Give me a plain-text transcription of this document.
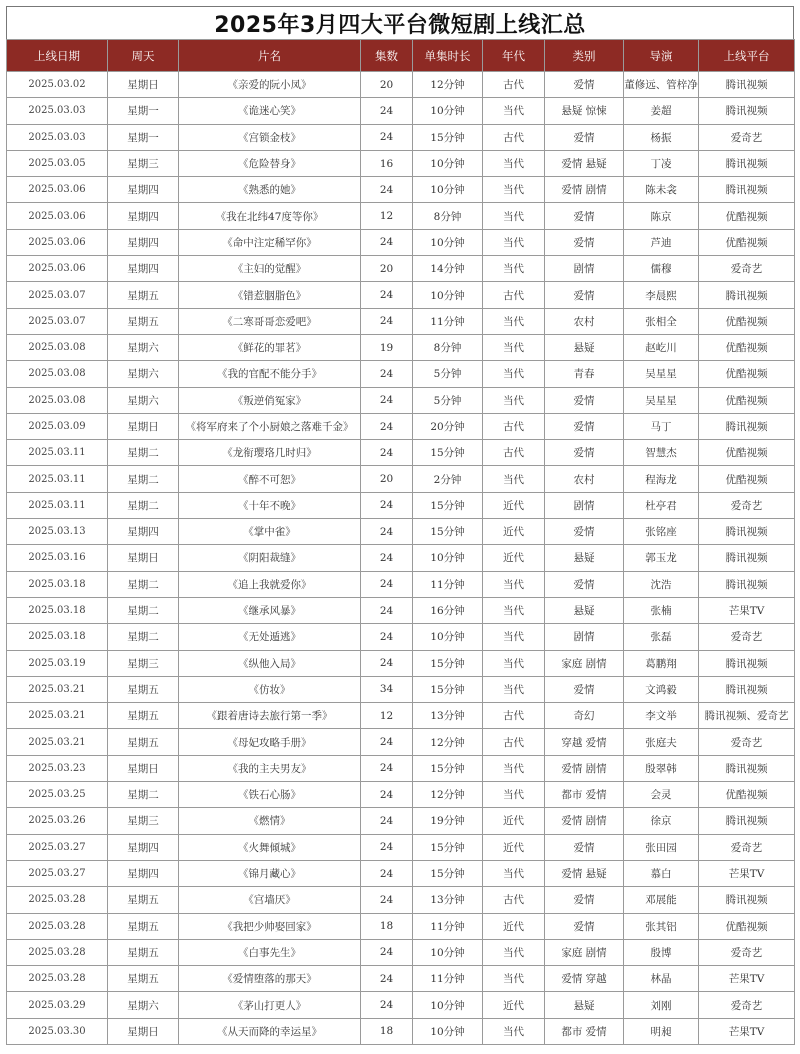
2025年3月四大平台微短剧上线汇总
上线日期	周天	片名	集数	单集时长	年代	类别	导演	上线平台
2025.03.02	星期日	《亲爱的阮小凤》	20	12分钟	古代	爱情	董修远、管梓净	腾讯视频
2025.03.03	星期一	《诡迷心笑》	24	10分钟	当代	悬疑 惊悚	姜超	腾讯视频
2025.03.03	星期一	《宫锁金枝》	24	15分钟	古代	爱情	杨振	爱奇艺
2025.03.05	星期三	《危险替身》	16	10分钟	当代	爱情 悬疑	丁凌	腾讯视频
2025.03.06	星期四	《熟悉的她》	24	10分钟	当代	爱情 剧情	陈未衾	腾讯视频
2025.03.06	星期四	《我在北纬47度等你》	12	8分钟	当代	爱情	陈京	优酷视频
2025.03.06	星期四	《命中注定稀罕你》	24	10分钟	当代	爱情	芦迪	优酷视频
2025.03.06	星期四	《主妇的觉醒》	20	14分钟	当代	剧情	儒穆	爱奇艺
2025.03.07	星期五	《错惹胭脂色》	24	10分钟	古代	爱情	李晨熙	腾讯视频
2025.03.07	星期五	《二寒哥哥恋爱吧》	24	11分钟	当代	农村	张相全	优酷视频
2025.03.08	星期六	《鲜花的罪茗》	19	8分钟	当代	悬疑	赵屹川	优酷视频
2025.03.08	星期六	《我的官配不能分手》	24	5分钟	当代	青春	吴星星	优酷视频
2025.03.08	星期六	《叛逆俏冤家》	24	5分钟	当代	爱情	吴星星	优酷视频
2025.03.09	星期日	《将军府来了个小厨娘之落难千金》	24	20分钟	古代	爱情	马丁	腾讯视频
2025.03.11	星期二	《龙衔璎珞几时归》	24	15分钟	古代	爱情	智慧杰	优酷视频
2025.03.11	星期二	《醉不可恕》	20	2分钟	当代	农村	程海龙	优酷视频
2025.03.11	星期二	《十年不晚》	24	15分钟	近代	剧情	杜亭君	爱奇艺
2025.03.13	星期四	《掌中雀》	24	15分钟	近代	爱情	张铭座	腾讯视频
2025.03.16	星期日	《阴阳裁缝》	24	10分钟	近代	悬疑	郭玉龙	腾讯视频
2025.03.18	星期二	《追上我就爱你》	24	11分钟	当代	爱情	沈浩	腾讯视频
2025.03.18	星期二	《继承风暴》	24	16分钟	当代	悬疑	张楠	芒果TV
2025.03.18	星期二	《无处遁逃》	24	10分钟	当代	剧情	张磊	爱奇艺
2025.03.19	星期三	《纵他入局》	24	15分钟	当代	家庭 剧情	葛鹏翔	腾讯视频
2025.03.21	星期五	《仿妆》	34	15分钟	当代	爱情	文鸿毅	腾讯视频
2025.03.21	星期五	《跟着唐诗去旅行第一季》	12	13分钟	古代	奇幻	李文举	腾讯视频、爱奇艺
2025.03.21	星期五	《母妃攻略手册》	24	12分钟	古代	穿越 爱情	张庭夫	爱奇艺
2025.03.23	星期日	《我的主夫男友》	24	15分钟	当代	爱情 剧情	殷翠韩	腾讯视频
2025.03.25	星期二	《铁石心肠》	24	12分钟	当代	都市 爱情	会灵	优酷视频
2025.03.26	星期三	《燃情》	24	19分钟	近代	爱情 剧情	徐京	腾讯视频
2025.03.27	星期四	《火舞倾城》	24	15分钟	近代	爱情	张田园	爱奇艺
2025.03.27	星期四	《锦月藏心》	24	15分钟	当代	爱情 悬疑	慕白	芒果TV
2025.03.28	星期五	《宫墙厌》	24	13分钟	古代	爱情	邓展能	腾讯视频
2025.03.28	星期五	《我把少帅娶回家》	18	11分钟	近代	爱情	张其铝	优酷视频
2025.03.28	星期五	《白事先生》	24	10分钟	当代	家庭 剧情	殷博	爱奇艺
2025.03.28	星期五	《爱情堕落的那天》	24	11分钟	当代	爱情 穿越	林晶	芒果TV
2025.03.29	星期六	《茅山打更人》	24	10分钟	近代	悬疑	刘刚	爱奇艺
2025.03.30	星期日	《从天而降的幸运星》	18	10分钟	当代	都市 爱情	明昶	芒果TV
